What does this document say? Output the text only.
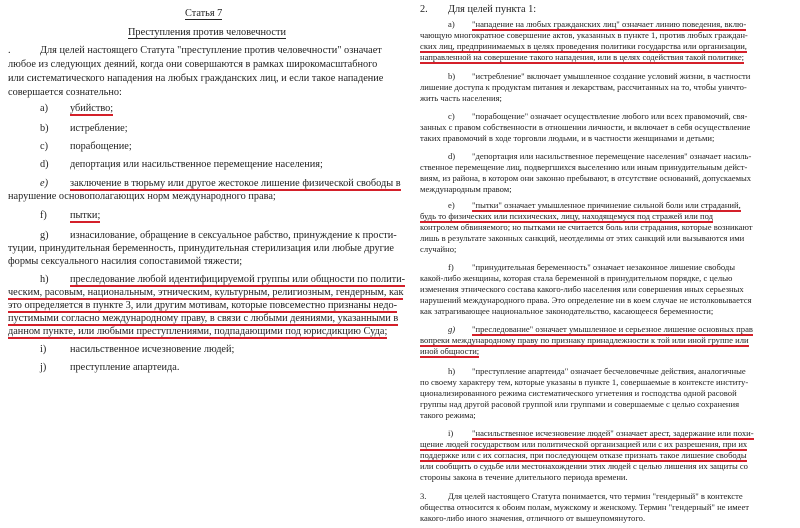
Статья 7
Преступления против человечности
.	Для целей настоящего Статута "преступление против человечности" означает
любое из следующих деяний, когда они совершаются в рамках широкомасштабного
или систематического нападения на любых гражданских лиц, и если такое нападение
совершается сознательно:
a) убийство;
b) истребление;
c) порабощение;
d) депортация или насильственное перемещение населения;
e) заключение в тюрьму или другое жестокое лишение физической свободы в
нарушение основополагающих норм международного права;
f) пытки;
g) изнасилование, обращение в сексуальное рабство, принуждение к прости-
туции, принудительная беременность, принудительная стерилизация или любые другие
формы сексуального насилия сопоставимой тяжести;
h) преследование любой идентифицируемой группы или общности по полити-
ческим, расовым, национальным, этническим, культурным, религиозным, гендерным, как
это определяется в пункте 3, или другим мотивам, которые повсеместно признаны недо-
пустимыми согласно международному праву, в связи с любыми деяниями, указанными в
данном пункте, или любыми преступлениями, подпадающими под юрисдикцию Суда;
i) насильственное исчезновение людей;
j) преступление апартеида.
2. Для целей пункта 1:
a) "нападение на любых гражданских лиц" означает линию поведения, вклю-
чающую многократное совершение актов, указанных в пункте 1, против любых граждан-
ских лиц, предпринимаемых в целях проведения политики государства или организации,
направленной на совершение такого нападения, или в целях содействия такой политике;
b) "истребление" включает умышленное создание условий жизни, в частности
лишение доступа к продуктам питания и лекарствам, рассчитанных на то, чтобы уничто-
жить часть населения;
c) "порабощение" означает осуществление любого или всех правомочий, свя-
занных с правом собственности в отношении личности, и включает в себя осуществление
таких правомочий в ходе торговли людьми, и в частности женщинами и детьми;
d) "депортация или насильственное перемещение населения" означает насиль-
ственное перемещение лиц, подвергшихся выселению или иным принудительным дейст-
виям, из района, в котором они законно пребывают, в отсутствие оснований, допускаемых
международным правом;
e) "пытки" означает умышленное причинение сильной боли или страданий,
будь то физических или психических, лицу, находящемуся под стражей или под
контролем обвиняемого; но пытками не считается боль или страдания, которые возникают
лишь в результате законных санкций, неотделимы от этих санкций или вызываются ими
случайно;
f) "принудительная беременность" означает незаконное лишение свободы
какой-либо женщины, которая стала беременной в принудительном порядке, с целью
изменения этнического состава какого-либо населения или совершения иных серьезных
нарушений международного права. Это определение ни в коем случае не истолковывается
как затрагивающее национальное законодательство, касающееся беременности;
g) "преследование" означает умышленное и серьезное лишение основных прав
вопреки международному праву по признаку принадлежности к той или иной группе или
иной общности;
h) "преступление апартеида" означает бесчеловечные действия, аналогичные
по своему характеру тем, которые указаны в пункте 1, совершаемые в контексте институ-
ционализированного режима систематического угнетения и господства одной расовой
группы над другой расовой группой или группами и совершаемые с целью сохранения
такого режима;
i) "насильственное исчезновение людей" означает арест, задержание или похи-
щение людей государством или политической организацией или с их разрешения, при их
поддержке или с их согласия, при последующем отказе признать такое лишение свободы
или сообщить о судьбе или местонахождении этих людей с целью лишения их защиты со
стороны закона в течение длительного периода времени.
3.	Для целей настоящего Статута понимается, что термин "гендерный" в контексте
общества относится к обоим полам, мужскому и женскому. Термин "гендерный" не имеет
какого-либо иного значения, отличного от вышеупомянутого.
